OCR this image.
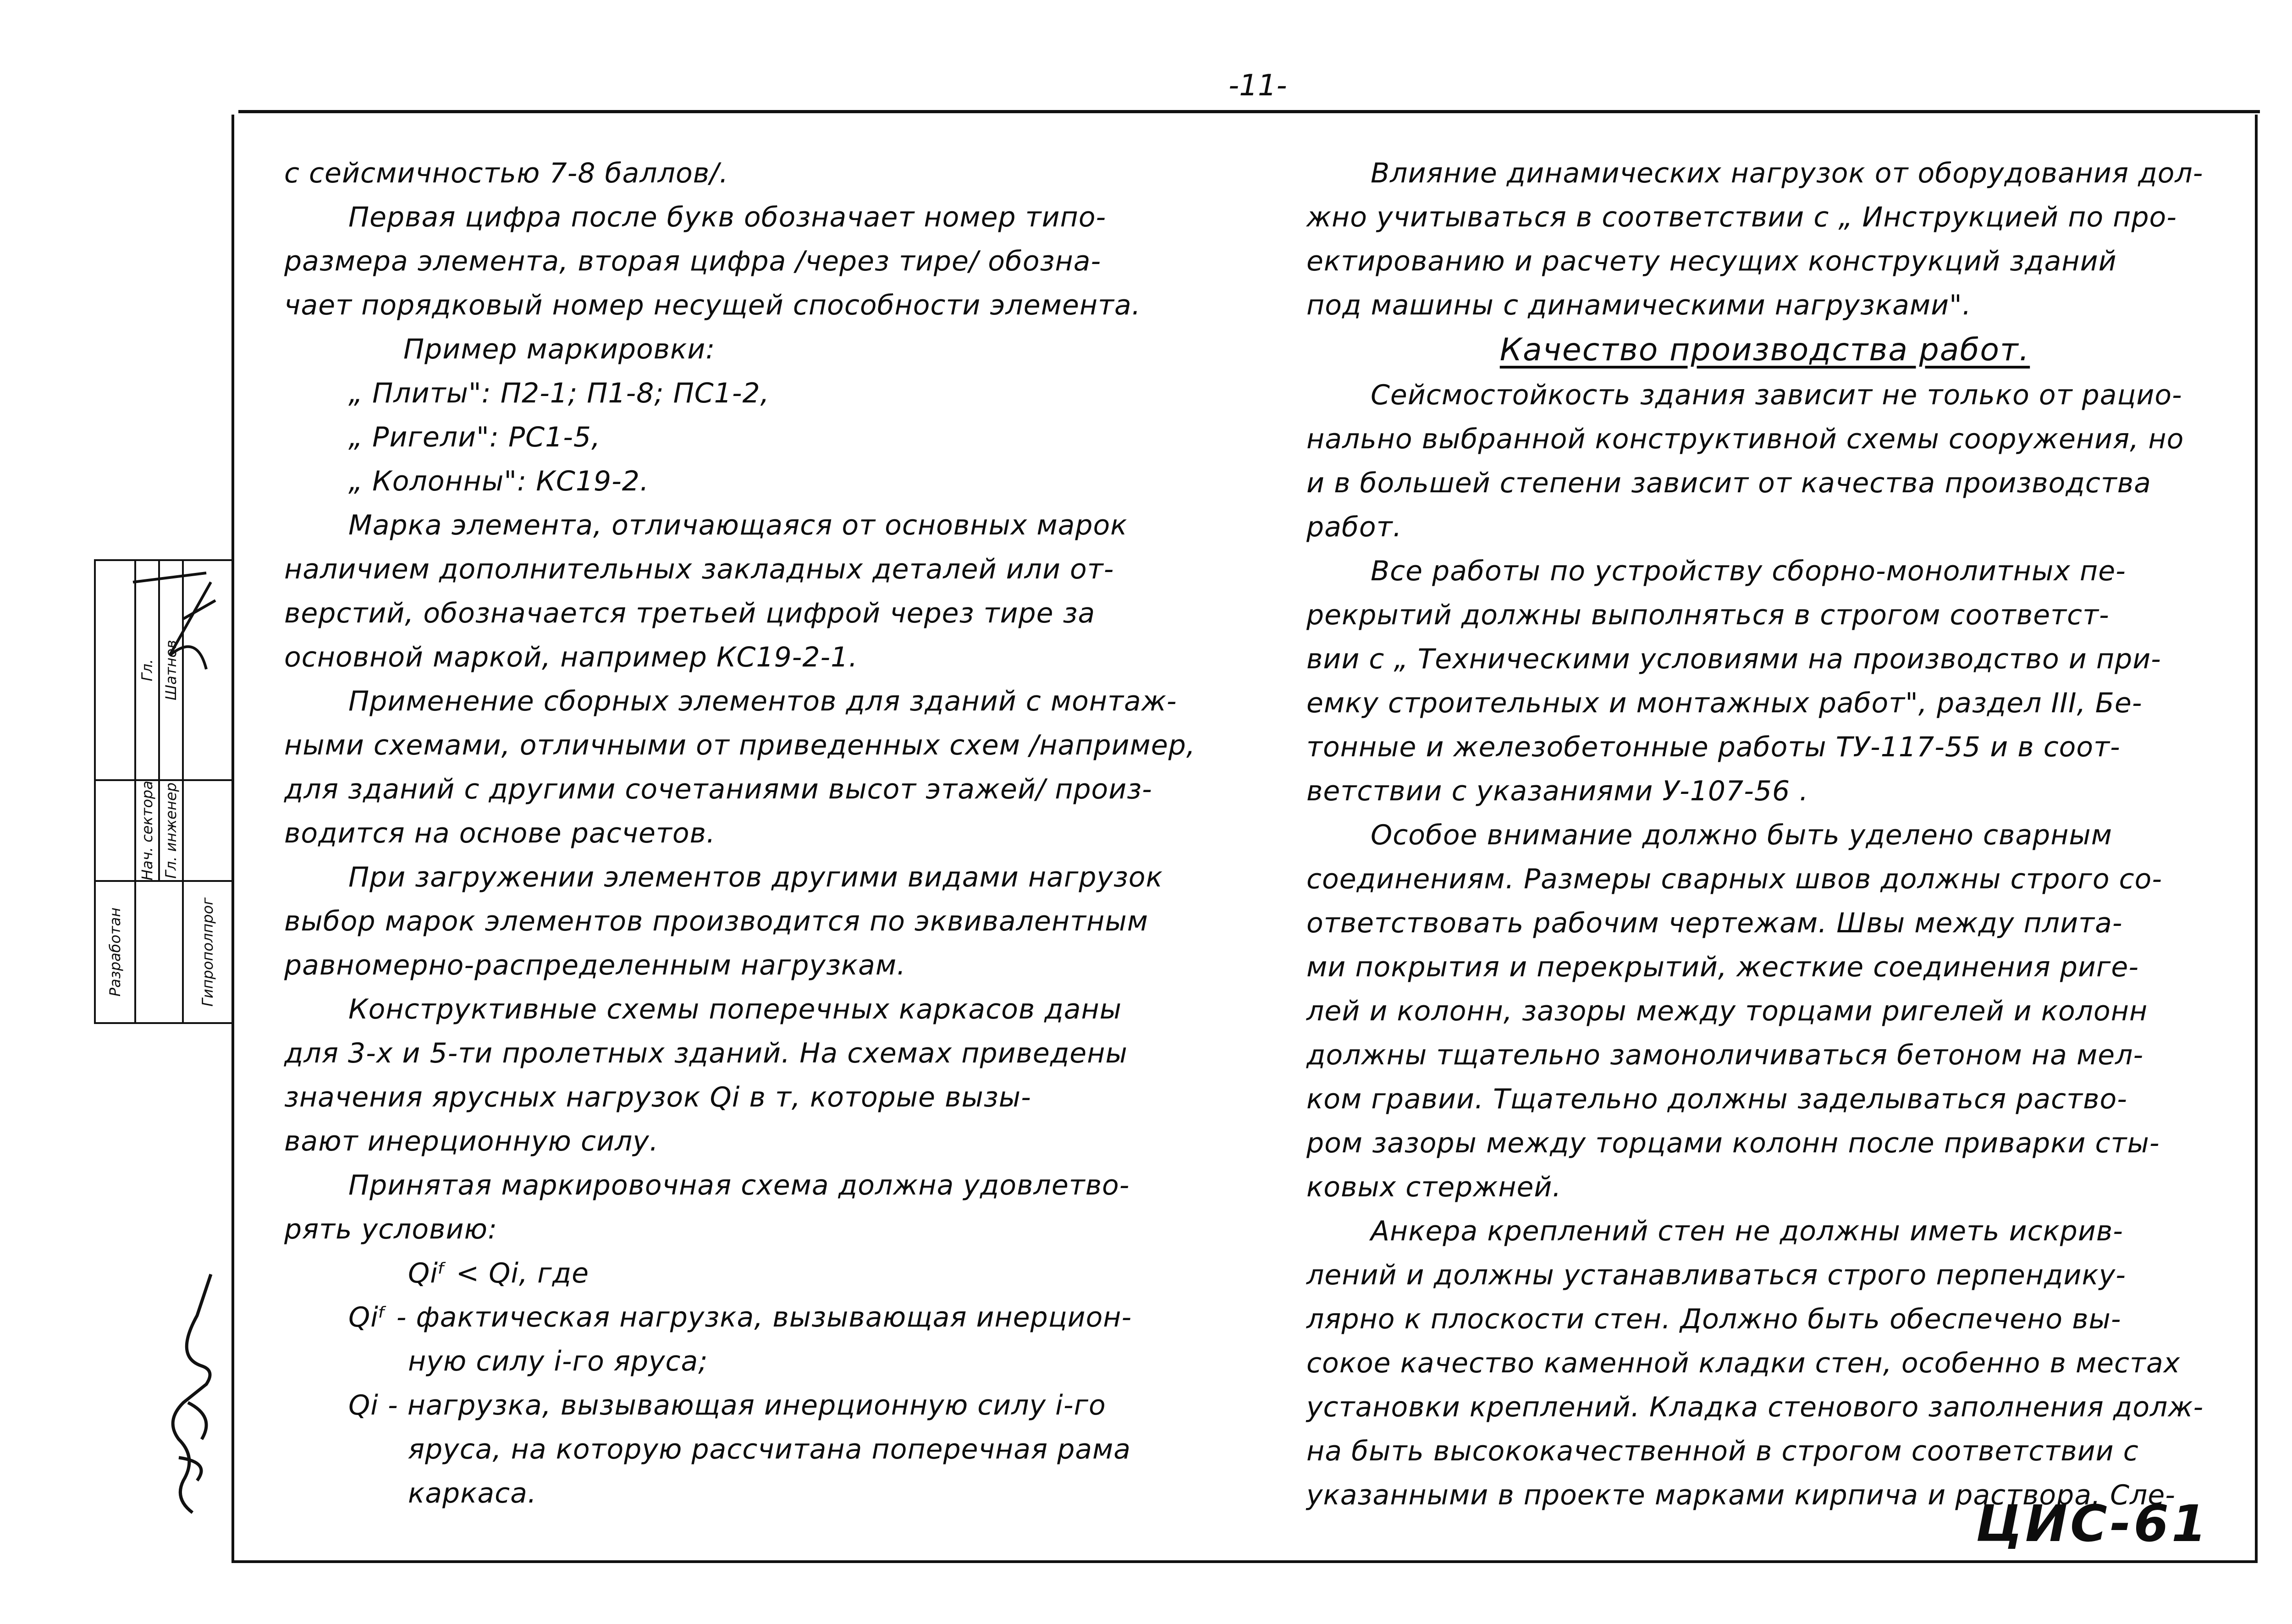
-11-
с сейсмичностью 7-8 баллов/.
Первая цифра после букв обозначает номер типо-
размера элемента, вторая цифра /через тире/ обозна-
чает порядковый номер несущей способности элемента.
Пример маркировки:
„ Плиты": П2-1; П1-8; ПС1-2,
„ Ригели": РС1-5,
„ Колонны": КС19-2.
Марка элемента, отличающаяся от основных марок
наличием дополнительных закладных деталей или от-
верстий, обозначается третьей цифрой через тире за
основной маркой, например КС19-2-1.
Применение сборных элементов для зданий с монтаж-
ными схемами, отличными от приведенных схем /например,
для зданий с другими сочетаниями высот этажей/ произ-
водится на основе расчетов.
При загружении элементов другими видами нагрузок
выбор марок элементов производится по эквивалентным
равномерно-распределенным нагрузкам.
Конструктивные схемы поперечных каркасов даны
для 3-х и 5-ти пролетных зданий. На схемах приведены
значения ярусных нагрузок Qi в т, которые вызы-
вают инерционную силу.
Принятая маркировочная схема должна удовлетво-
рять условию:
Qiᶠ < Qi, где
Qiᶠ - фактическая нагрузка, вызывающая инерцион-
ную силу i-го яруса;
Qi - нагрузка, вызывающая инерционную силу i-го
яруса, на которую рассчитана поперечная рама
каркаса.
Влияние динамических нагрузок от оборудования дол-
жно учитываться в соответствии с „ Инструкцией по про-
ектированию и расчету несущих конструкций зданий
под машины с динамическими нагрузками".
Качество производства работ.
Сейсмостойкость здания зависит не только от рацио-
нально выбранной конструктивной схемы сооружения, но
и в большей степени зависит от качества производства
работ.
Все работы по устройству сборно-монолитных пе-
рекрытий должны выполняться в строгом соответст-
вии с „ Техническими условиями на производство и при-
емку строительных и монтажных работ", раздел III, Бе-
тонные и железобетонные работы ТУ-117-55 и в соот-
ветствии с указаниями У-107-56 .
Особое внимание должно быть уделено сварным
соединениям. Размеры сварных швов должны строго со-
ответствовать рабочим чертежам. Швы между плита-
ми покрытия и перекрытий, жесткие соединения риге-
лей и колонн, зазоры между торцами ригелей и колонн
должны тщательно замоноличиваться бетоном на мел-
ком гравии. Тщательно должны заделываться раство-
ром зазоры между торцами колонн после приварки сты-
ковых стержней.
Анкера креплений стен не должны иметь искрив-
лений и должны устанавливаться строго перпендику-
лярно к плоскости стен. Должно быть обеспечено вы-
сокое качество каменной кладки стен, особенно в местах
установки креплений. Кладка стенового заполнения долж-
на быть высококачественной в строгом соответствии с
указанными в проекте марками кирпича и раствора. Сле-

	Гл.	Шатнев	

	Нач. сектора	Гл. инженер	

Разработан			Гипрополпрог
ЦИС-61
